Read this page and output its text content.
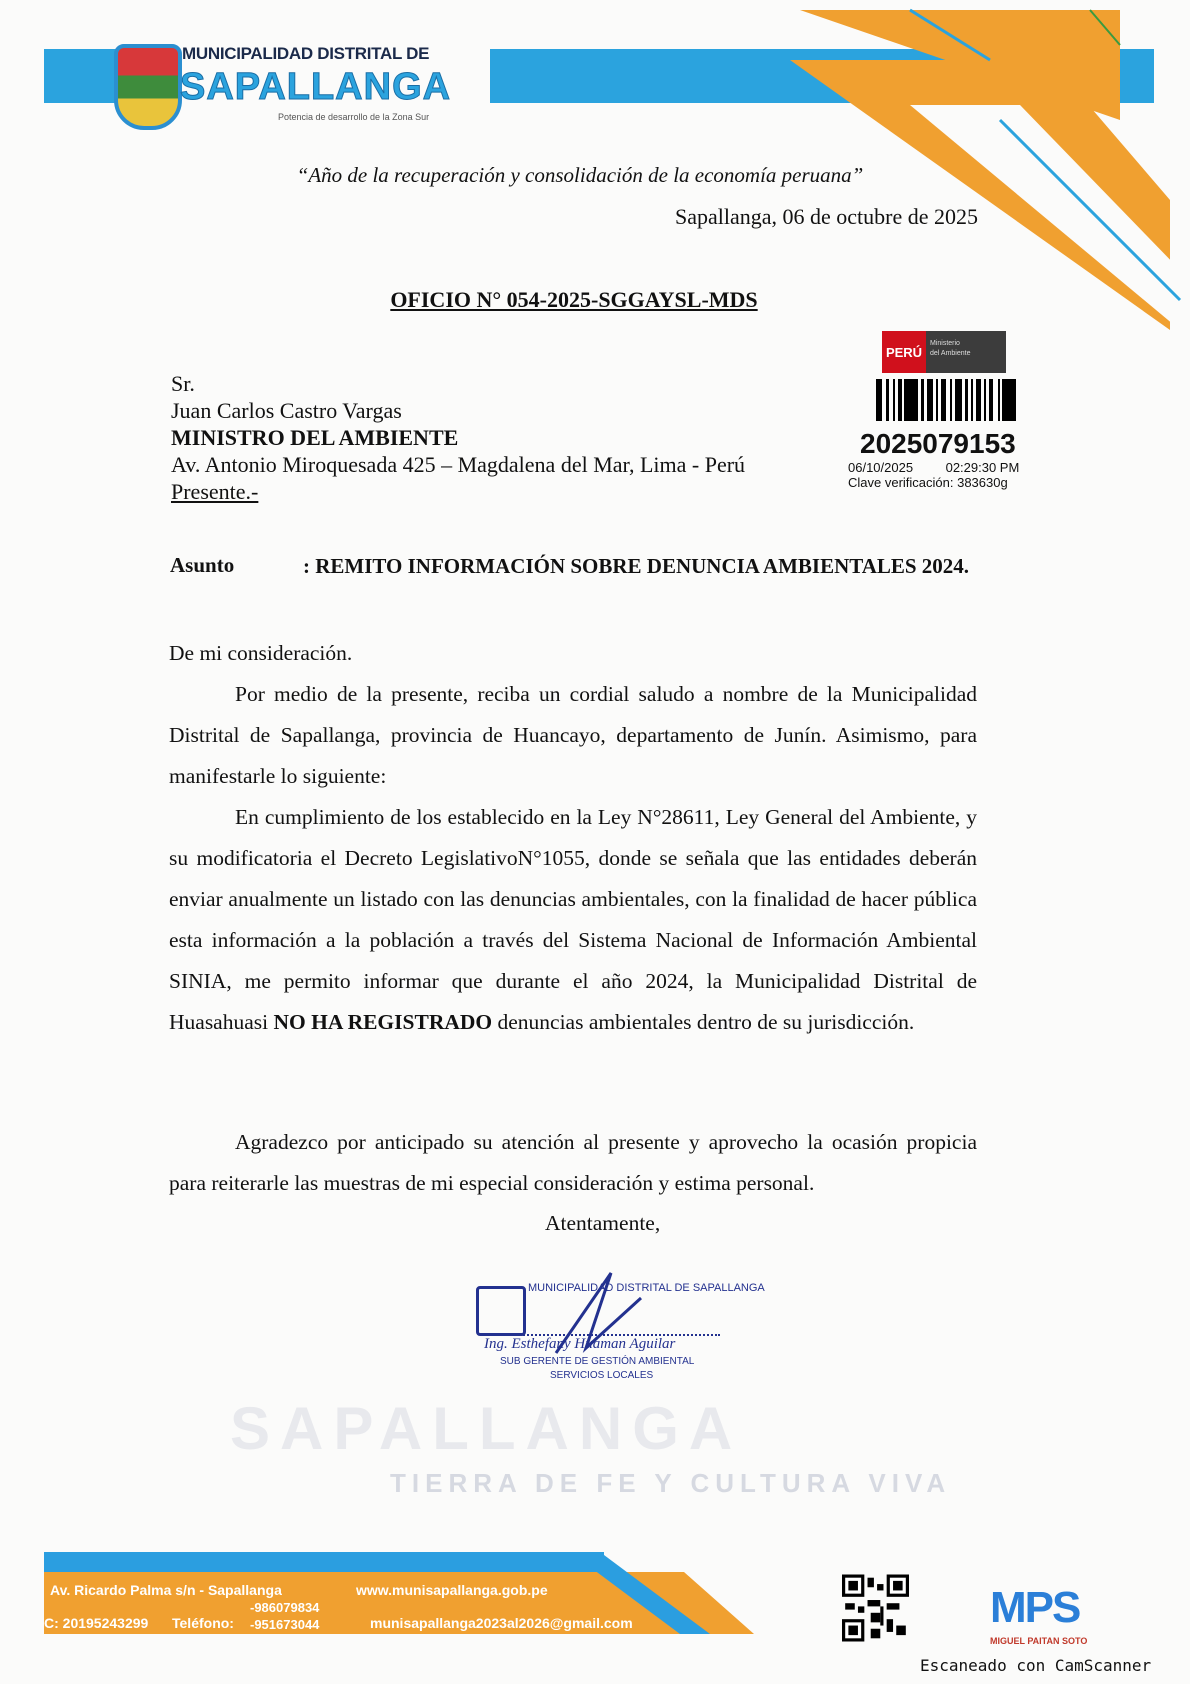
MUNICIPALIDAD DISTRITAL DE
SAPALLANGA
Potencia de desarrollo de la Zona Sur
“Año de la recuperación y consolidación de la economía peruana”
Sapallanga, 06 de octubre de 2025
OFICIO N° 054-2025-SGGAYSL-MDS
Sr.
Juan Carlos Castro Vargas
MINISTRO DEL AMBIENTE
Av. Antonio Miroquesada 425 – Magdalena del Mar, Lima - Perú
Presente.-
PERÚ
Ministerio
del Ambiente
2025079153
06/10/2025	02:29:30 PM
Clave verificación: 383630g
Asunto	: REMITO INFORMACIÓN SOBRE DENUNCIA AMBIENTALES 2024.

De mi consideración.

Por medio de la presente, reciba un cordial saludo a nombre de la Municipalidad Distrital de Sapallanga, provincia de Huancayo, departamento de Junín. Asimismo, para manifestarle lo siguiente:

En cumplimiento de los establecido en la Ley N°28611, Ley General del Ambiente, y su modificatoria el Decreto LegislativoN°1055, donde se señala que las entidades deberán enviar anualmente un listado con las denuncias ambientales, con la finalidad de hacer pública esta información a la población a través del Sistema Nacional de Información Ambiental SINIA, me permito informar que durante el año 2024, la Municipalidad Distrital de Huasahuasi NO HA REGISTRADO denuncias ambientales dentro de su jurisdicción.

Agradezco por anticipado su atención al presente y aprovecho la ocasión propicia para reiterarle las muestras de mi especial consideración y estima personal.

Atentamente,
MUNICIPALIDAD DISTRITAL DE SAPALLANGA
Ing. Esthefany Huaman Aguilar
SUB GERENTE DE GESTIÓN AMBIENTAL
SERVICIOS LOCALES
SAPALLANGA
TIERRA DE FE Y CULTURA VIVA
Av. Ricardo Palma s/n - Sapallanga
C: 20195243299 Teléfono:
-986079834
-951673044
www.munisapallanga.gob.pe
munisapallanga2023al2026@gmail.com	MPS
MIGUEL PAITAN SOTO
Escaneado con CamScanner
